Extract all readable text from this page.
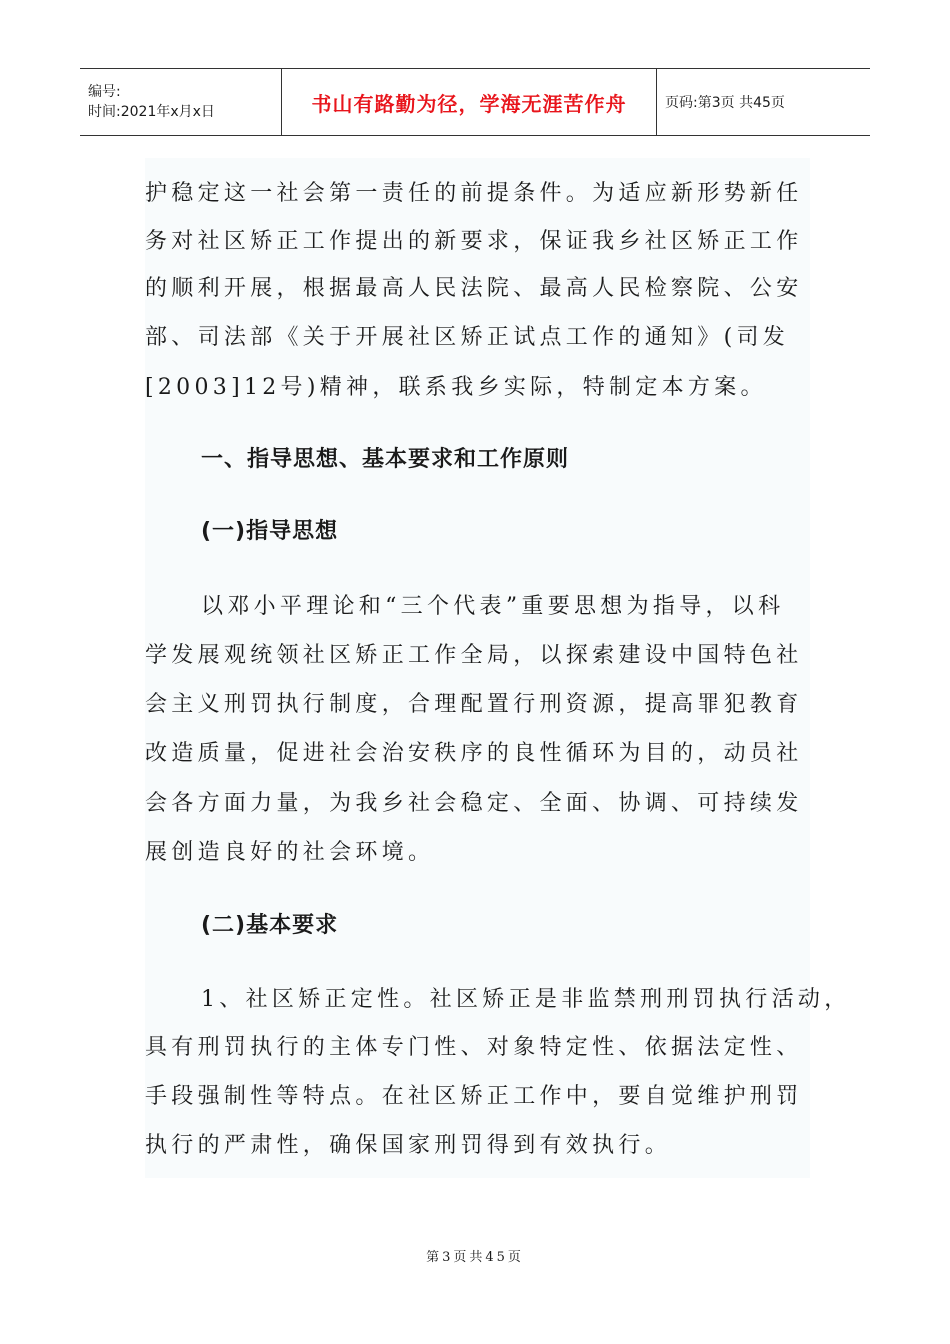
编号:
时间:2021年x月x日	书山有路勤为径，学海无涯苦作舟	页码:第3页 共45页
护稳定这一社会第一责任的前提条件。为适应新形势新任
务对社区矫正工作提出的新要求，保证我乡社区矫正工作
的顺利开展，根据最高人民法院、最高人民检察院、公安
部、司法部《关于开展社区矫正试点工作的通知》(司发
[2003]12号)精神，联系我乡实际，特制定本方案。
一、指导思想、基本要求和工作原则
(一)指导思想
以邓小平理论和“三个代表”重要思想为指导，以科
学发展观统领社区矫正工作全局，以探索建设中国特色社
会主义刑罚执行制度，合理配置行刑资源，提高罪犯教育
改造质量，促进社会治安秩序的良性循环为目的，动员社
会各方面力量，为我乡社会稳定、全面、协调、可持续发
展创造良好的社会环境。
(二)基本要求
1、社区矫正定性。社区矫正是非监禁刑刑罚执行活动，
具有刑罚执行的主体专门性、对象特定性、依据法定性、
手段强制性等特点。在社区矫正工作中，要自觉维护刑罚
执行的严肃性，确保国家刑罚得到有效执行。
第3页共45页
